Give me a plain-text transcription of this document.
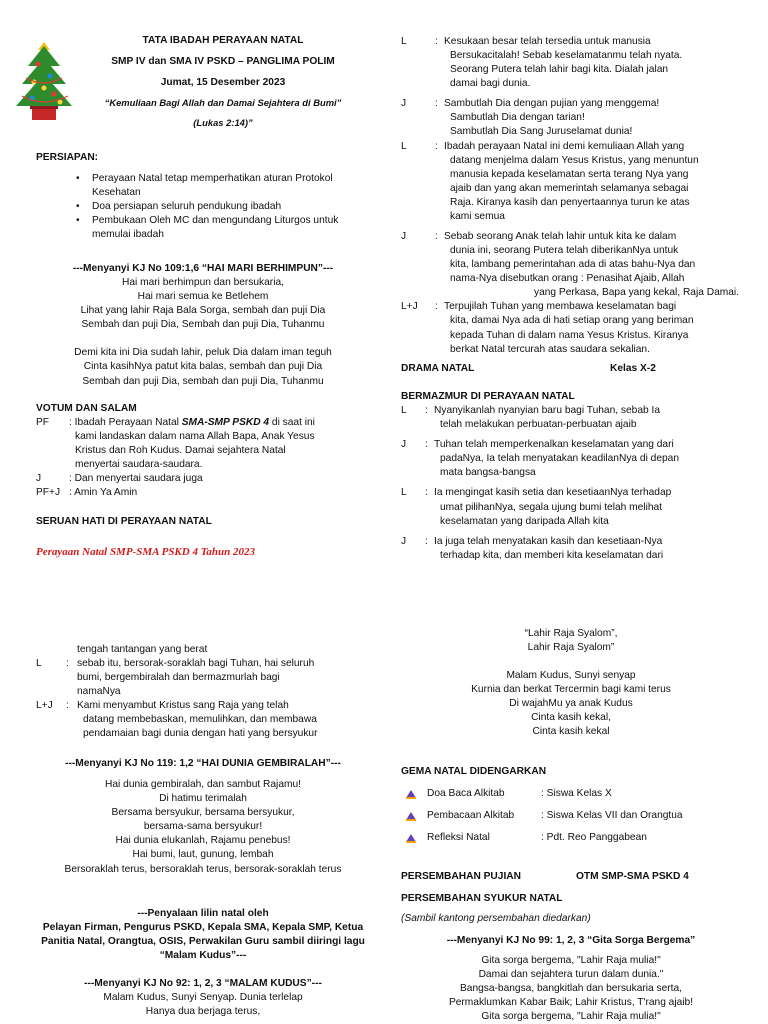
TATA IBADAH PERAYAAN NATAL
SMP IV dan SMA IV PSKD – PANGLIMA POLIM
Jumat, 15 Desember 2023
“Kemuliaan Bagi Allah dan Damai Sejahtera di Bumi”
(Lukas 2:14)”
PERSIAPAN:
• Perayaan Natal tetap memperhatikan aturan Protokol
Kesehatan
• Doa persiapan seluruh pendukung ibadah
• Pembukaan Oleh MC dan mengundang Liturgos untuk
memulai ibadah
---Menyanyi KJ No 109:1,6 “HAI MARI BERHIMPUN”---
Hai mari berhimpun dan bersukaria,
Hai mari semua ke Betlehem
Lihat yang lahir Raja Bala Sorga, sembah dan puji Dia
Sembah dan puji Dia, Sembah dan puji Dia, Tuhanmu
Demi kita ini Dia sudah lahir, peluk Dia dalam iman teguh
Cinta kasihNya patut kita balas, sembah dan puji Dia
Sembah dan puji Dia, sembah dan puji Dia, Tuhanmu
VOTUM DAN SALAM
PF : Ibadah Perayaan Natal SMA-SMP PSKD 4 di saat ini
kami landaskan dalam nama Allah Bapa, Anak Yesus
Kristus dan Roh Kudus. Damai sejahtera Natal
menyertai saudara-saudara.
J	: Dan menyertai saudara juga
PF+J : Amin Ya Amin
SERUAN HATI DI PERAYAAN NATAL
Perayaan Natal SMP-SMA PSKD 4 Tahun 2023
L	: Kesukaan besar telah tersedia untuk manusia
Bersukacitalah! Sebab keselamatanmu telah nyata.
Seorang Putera telah lahir bagi kita. Dialah jalan
damai bagi dunia.
J	: Sambutlah Dia dengan pujian yang menggema!
Sambutlah Dia dengan tarian!
Sambutlah Dia Sang Juruselamat dunia!
L	: Ibadah perayaan Natal ini demi kemuliaan Allah yang
datang menjelma dalam Yesus Kristus, yang menuntun
manusia kepada keselamatan serta terang Nya yang
ajaib dan yang akan memerintah selamanya sebagai
Raja. Kiranya kasih dan penyertaannya turun ke atas
kami semua
J	: Sebab seorang Anak telah lahir untuk kita ke dalam
dunia ini, seorang Putera telah diberikanNya untuk
kita, lambang pemerintahan ada di atas bahu-Nya dan
nama-Nya disebutkan orang : Penasihat Ajaib, Allah
yang Perkasa, Bapa yang kekal, Raja Damai.
L+J : Terpujilah Tuhan yang membawa keselamatan bagi
kita, damai Nya ada di hati setiap orang yang beriman
kepada Tuhan di dalam nama Yesus Kristus. Kiranya
berkat Natal tercurah atas saudara sekalian.
DRAMA NATAL	Kelas X-2
BERMAZMUR DI PERAYAAN NATAL
L : Nyanyikanlah nyanyian baru bagi Tuhan, sebab Ia
telah melakukan perbuatan-perbuatan ajaib
J : Tuhan telah memperkenalkan keselamatan yang dari
padaNya, Ia telah menyatakan keadilanNya di depan
mata bangsa-bangsa
L : Ia mengingat kasih setia dan kesetiaanNya terhadap
umat pilihanNya, segala ujung bumi telah melihat
keselamatan yang daripada Allah kita
J : Ia juga telah menyatakan kasih dan kesetiaan-Nya
terhadap kita, dan memberi kita keselamatan dari
tengah tantangan yang berat
L : sebab itu, bersorak-soraklah bagi Tuhan, hai seluruh
bumi, bergembiralah dan bermazmurlah bagi
namaNya
L+J : Kami menyambut Kristus sang Raja yang telah
datang membebaskan, memulihkan, dan membawa
pendamaian bagi dunia dengan hati yang bersyukur
---Menyanyi KJ No 119: 1,2 “HAI DUNIA GEMBIRALAH”---
Hai dunia gembiralah, dan sambut Rajamu!
Di hatimu terimalah
Bersama bersyukur, bersama bersyukur,
bersama-sama bersyukur!
Hai dunia elukanlah, Rajamu penebus!
Hai bumi, laut, gunung, lembah
Bersoraklah terus, bersoraklah terus, bersorak-soraklah terus
---Penyalaan lilin natal oleh
Pelayan Firman, Pengurus PSKD, Kepala SMA, Kepala SMP, Ketua
Panitia Natal, Orangtua, OSIS, Perwakilan Guru sambil diiringi lagu
“Malam Kudus”---
---Menyanyi KJ No 92: 1, 2, 3 “MALAM KUDUS”---
Malam Kudus, Sunyi Senyap. Dunia terlelap
Hanya dua berjaga terus,
“Lahir Raja Syalom”,
Lahir Raja Syalom”
Malam Kudus, Sunyi senyap
Kurnia dan berkat Tercermin bagi kami terus
Di wajahMu ya anak Kudus
Cinta kasih kekal,
Cinta kasih kekal
GEMA NATAL DIDENGARKAN
Doa Baca Alkitab	: Siswa Kelas X
Pembacaan Alkitab	: Siswa Kelas VII dan Orangtua
Refleksi Natal	: Pdt. Reo Panggabean
PERSEMBAHAN PUJIAN	OTM SMP-SMA PSKD 4
PERSEMBAHAN SYUKUR NATAL
(Sambil kantong persembahan diedarkan)
---Menyanyi KJ No 99: 1, 2, 3 “Gita Sorga Bergema”
Gita sorga bergema, "Lahir Raja mulia!"
Damai dan sejahtera turun dalam dunia."
Bangsa-bangsa, bangkitlah dan bersukaria serta,
Permaklumkan Kabar Baik; Lahir Kristus, T'rang ajaib!
Gita sorga bergema, "Lahir Raja mulia!"
